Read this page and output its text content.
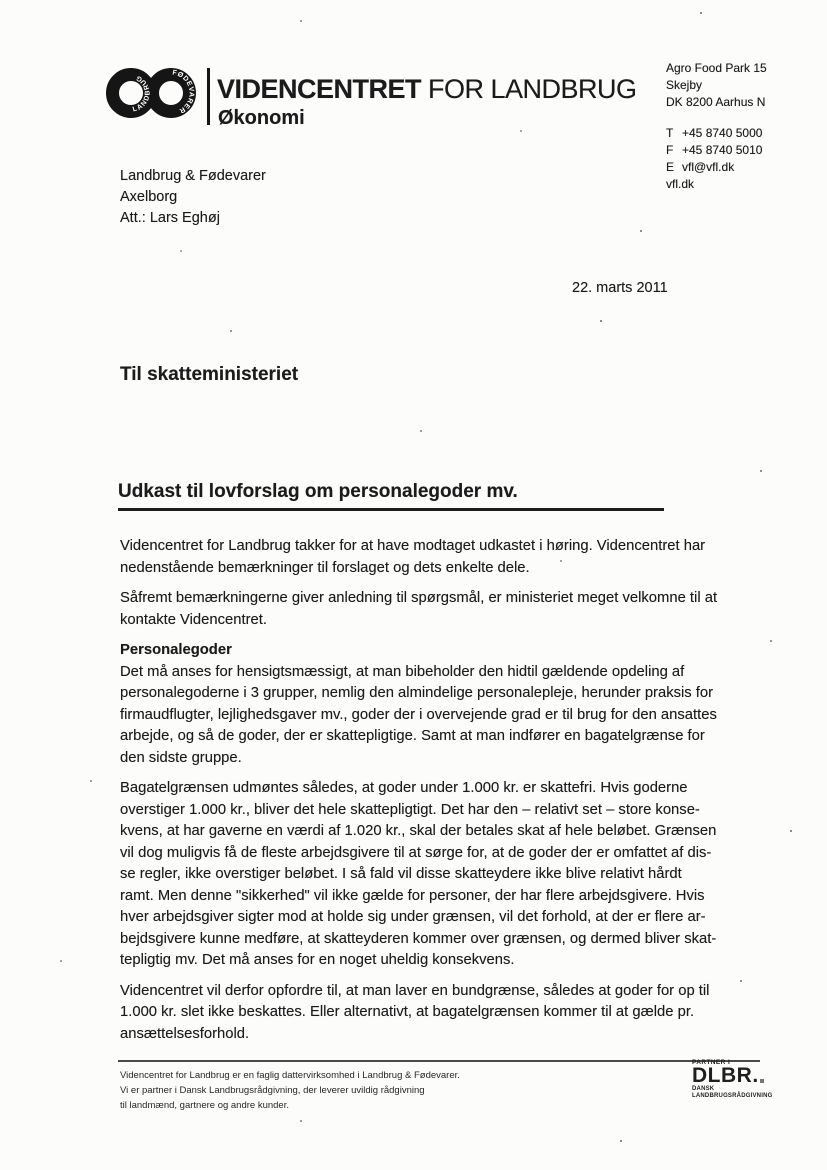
LANDBRUG	FØDEVARER
VIDENCENTRET FOR LANDBRUG
Økonomi
Agro Food Park 15
Skejby
DK 8200 Aarhus N
T +45 8740 5000
F +45 8740 5010
E vfl@vfl.dk
vfl.dk
Landbrug & Fødevarer
Axelborg
Att.: Lars Eghøj
22. marts 2011
Til skatteministeriet
Udkast til lovforslag om personalegoder mv.
Videncentret for Landbrug takker for at have modtaget udkastet i høring. Videncentret har
nedenstående bemærkninger til forslaget og dets enkelte dele.
Såfremt bemærkningerne giver anledning til spørgsmål, er ministeriet meget velkomne til at
kontakte Videncentret.
Personalegoder
Det må anses for hensigtsmæssigt, at man bibeholder den hidtil gældende opdeling af
personalegoderne i 3 grupper, nemlig den almindelige personalepleje, herunder praksis for
firmaudflugter, lejlighedsgaver mv., goder der i overvejende grad er til brug for den ansattes
arbejde, og så de goder, der er skattepligtige. Samt at man indfører en bagatelgrænse for
den sidste gruppe.
Bagatelgrænsen udmøntes således, at goder under 1.000 kr. er skattefri. Hvis goderne
overstiger 1.000 kr., bliver det hele skattepligtigt. Det har den – relativt set – store konse-
kvens, at har gaverne en værdi af 1.020 kr., skal der betales skat af hele beløbet. Grænsen
vil dog muligvis få de fleste arbejdsgivere til at sørge for, at de goder der er omfattet af dis-
se regler, ikke overstiger beløbet. I så fald vil disse skatteydere ikke blive relativt hårdt
ramt. Men denne "sikkerhed" vil ikke gælde for personer, der har flere arbejdsgivere. Hvis
hver arbejdsgiver sigter mod at holde sig under grænsen, vil det forhold, at der er flere ar-
bejdsgivere kunne medføre, at skatteyderen kommer over grænsen, og dermed bliver skat-
tepligtig mv. Det må anses for en noget uheldig konsekvens.
Videncentret vil derfor opfordre til, at man laver en bundgrænse, således at goder for op til
1.000 kr. slet ikke beskattes. Eller alternativt, at bagatelgrænsen kommer til at gælde pr.
ansættelsesforhold.
Videncentret for Landbrug er en faglig dattervirksomhed i Landbrug & Fødevarer.
Vi er partner i Dansk Landbrugsrådgivning, der leverer uvildig rådgivning
til landmænd, gartnere og andre kunder.
PARTNER I
DLBR.
DANSK
LANDBRUGSRÅDGIVNING
